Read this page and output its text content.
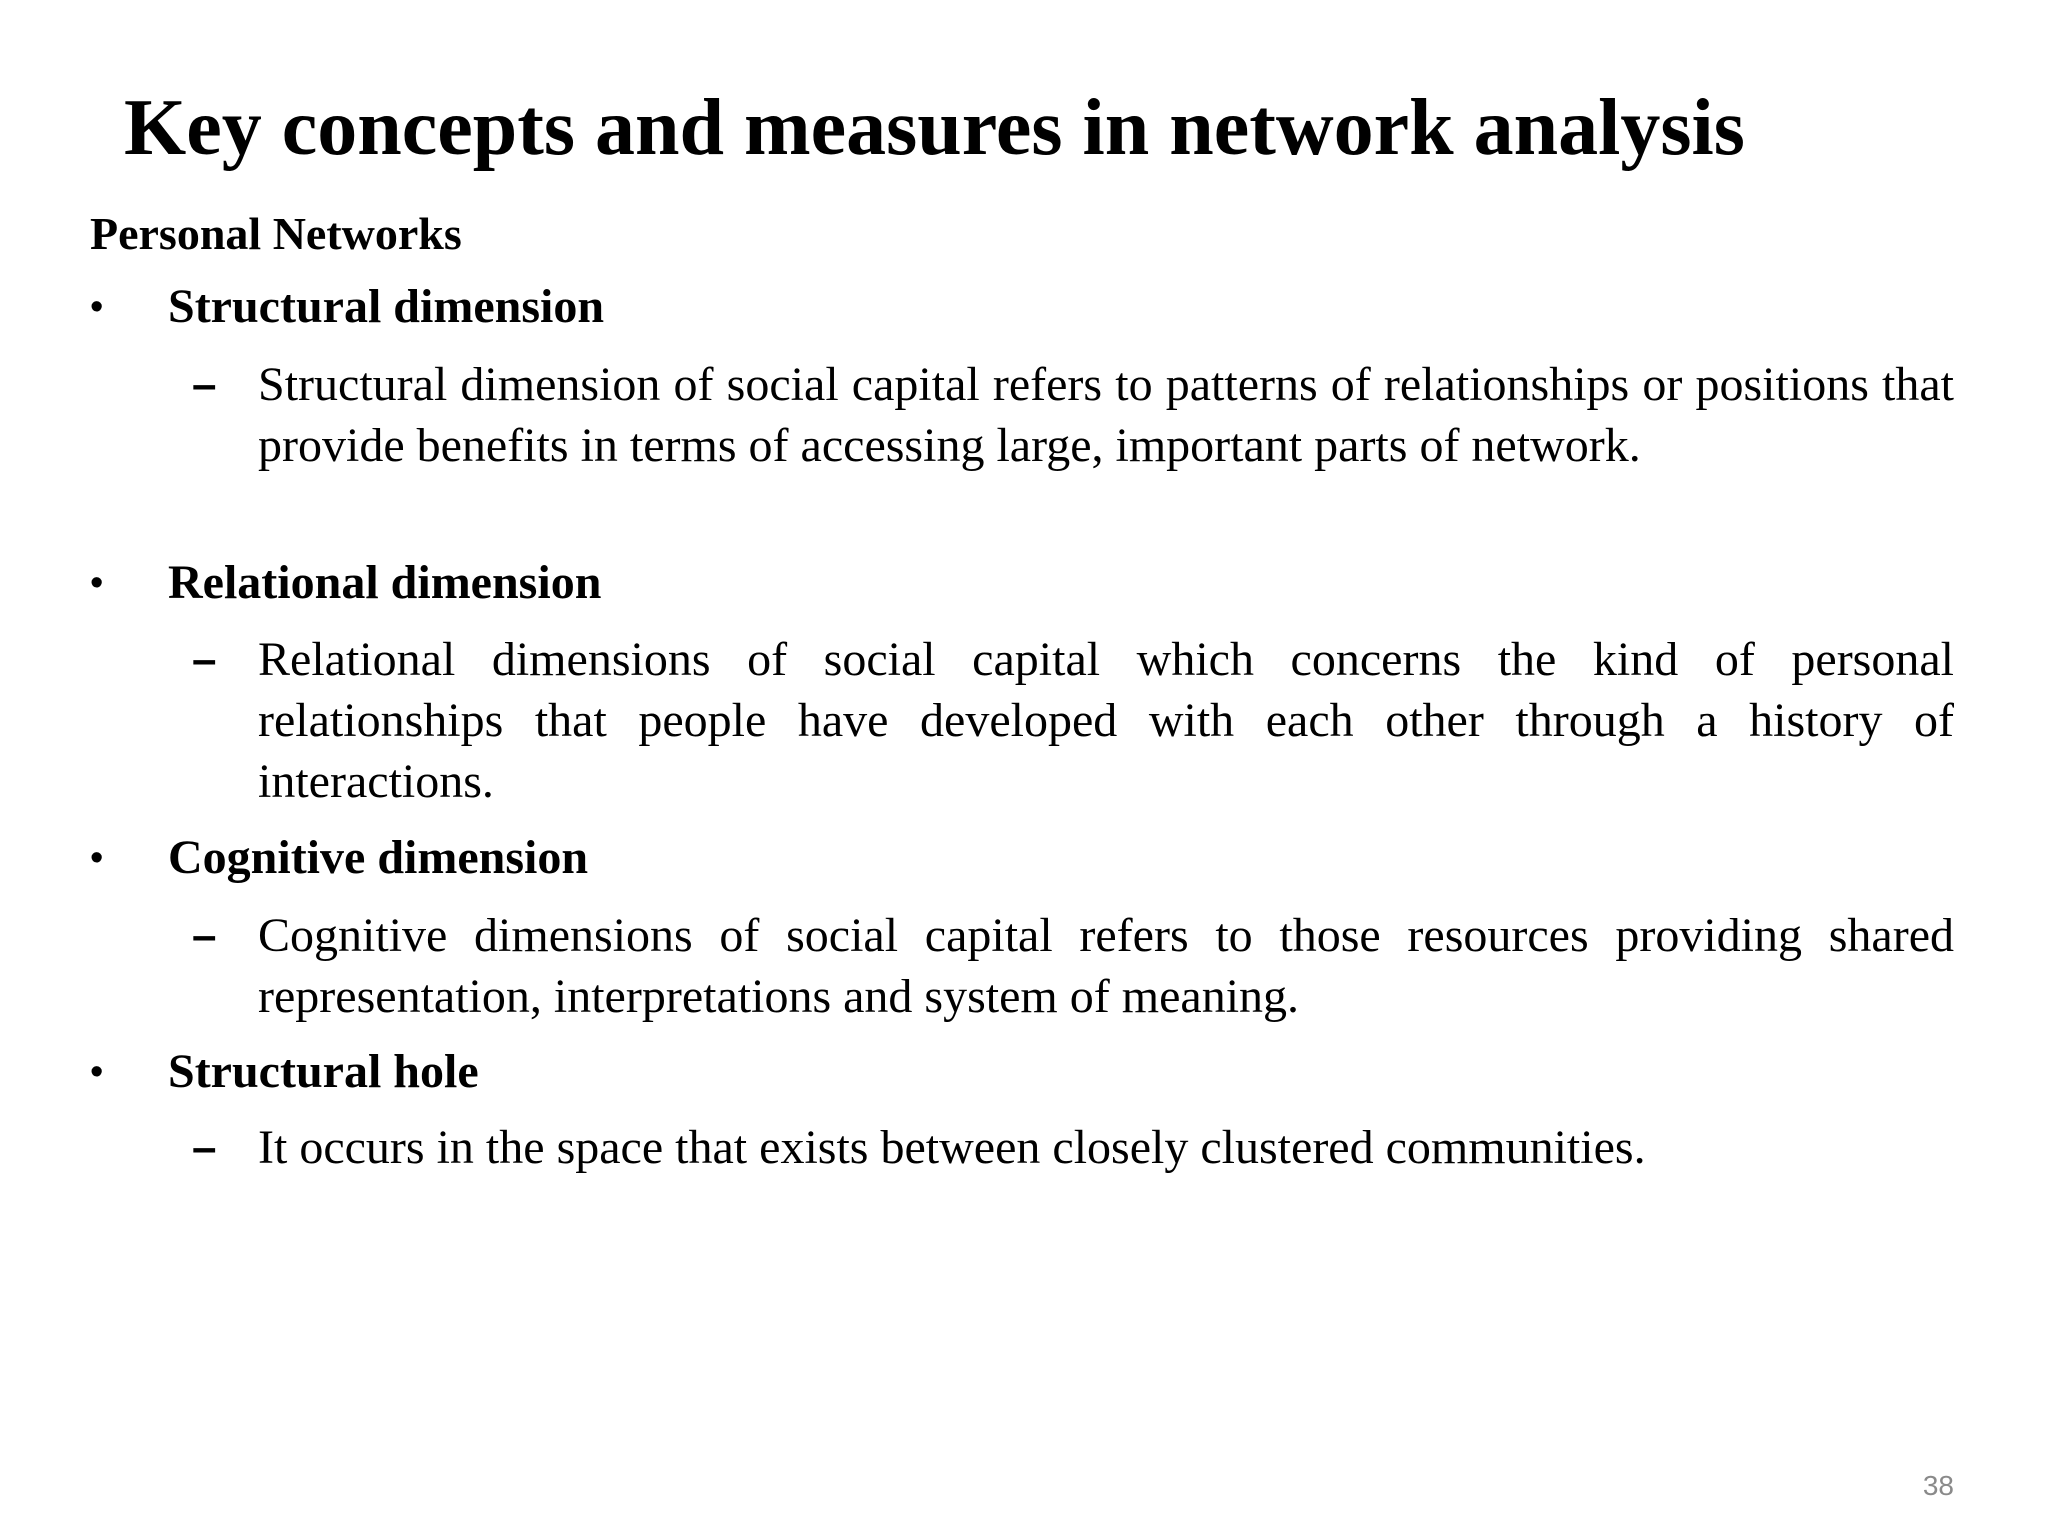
Key concepts and measures in network analysis

Personal Networks

• Structural dimension
– Structural dimension of social capital refers to patterns of relationships or positions that provide benefits in terms of accessing large, important parts of network.
• Relational dimension
– Relational dimensions of social capital which concerns the kind of personal relationships that people have developed with each other through a history of interactions.
• Cognitive dimension
– Cognitive dimensions of social capital refers to those resources providing shared representation, interpretations and system of meaning.
• Structural hole
– It occurs in the space that exists between closely clustered communities.
38
